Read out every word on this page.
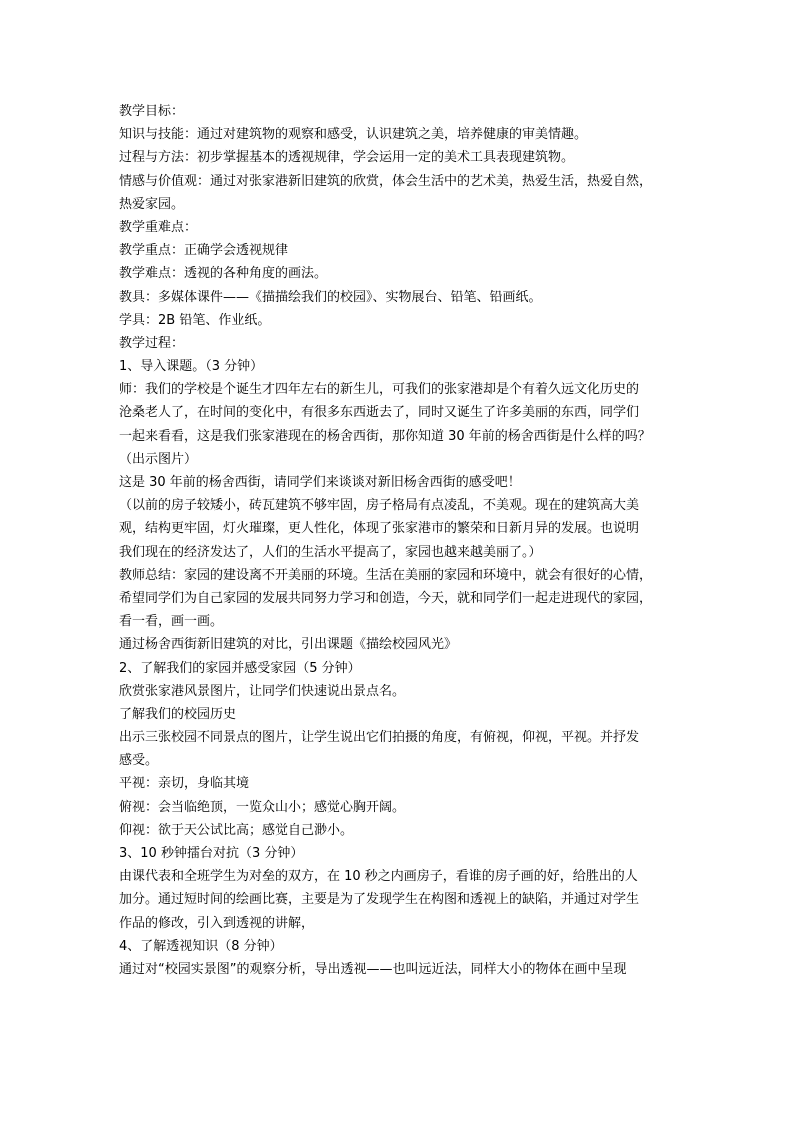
教学目标：
知识与技能：通过对建筑物的观察和感受，认识建筑之美，培养健康的审美情趣。
过程与方法：初步掌握基本的透视规律，学会运用一定的美术工具表现建筑物。
情感与价值观：通过对张家港新旧建筑的欣赏，体会生活中的艺术美，热爱生活，热爱自然，
热爱家园。
教学重难点：
教学重点：正确学会透视规律
教学难点：透视的各种角度的画法。
教具：多媒体课件——《描描绘我们的校园》、实物展台、铅笔、铅画纸。
学具：2B 铅笔、作业纸。
教学过程：
1、导入课题。（3 分钟）
师：我们的学校是个诞生才四年左右的新生儿，可我们的张家港却是个有着久远文化历史的
沧桑老人了，在时间的变化中，有很多东西逝去了，同时又诞生了许多美丽的东西，同学们
一起来看看，这是我们张家港现在的杨舍西街，那你知道 30 年前的杨舍西街是什么样的吗？
（出示图片）
这是 30 年前的杨舍西街，请同学们来谈谈对新旧杨舍西街的感受吧！
（以前的房子较矮小，砖瓦建筑不够牢固，房子格局有点凌乱，不美观。现在的建筑高大美
观，结构更牢固，灯火璀璨，更人性化，体现了张家港市的繁荣和日新月异的发展。也说明
我们现在的经济发达了，人们的生活水平提高了，家园也越来越美丽了。）
教师总结：家园的建设离不开美丽的环境。生活在美丽的家园和环境中，就会有很好的心情，
希望同学们为自己家园的发展共同努力学习和创造，今天，就和同学们一起走进现代的家园，
看一看，画一画。
通过杨舍西街新旧建筑的对比，引出课题《描绘校园风光》
2、了解我们的家园并感受家园（5 分钟）
欣赏张家港风景图片，让同学们快速说出景点名。
了解我们的校园历史
出示三张校园不同景点的图片，让学生说出它们拍摄的角度，有俯视，仰视，平视。并抒发
感受。
平视：亲切，身临其境
俯视：会当临绝顶，一览众山小；感觉心胸开阔。
仰视：欲于天公试比高；感觉自己渺小。
3、10 秒钟擂台对抗（3 分钟）
由课代表和全班学生为对垒的双方，在 10 秒之内画房子，看谁的房子画的好，给胜出的人
加分。通过短时间的绘画比赛，主要是为了发现学生在构图和透视上的缺陷，并通过对学生
作品的修改，引入到透视的讲解，
4、了解透视知识（8 分钟）
通过对“校园实景图”的观察分析，导出透视——也叫远近法，同样大小的物体在画中呈现
